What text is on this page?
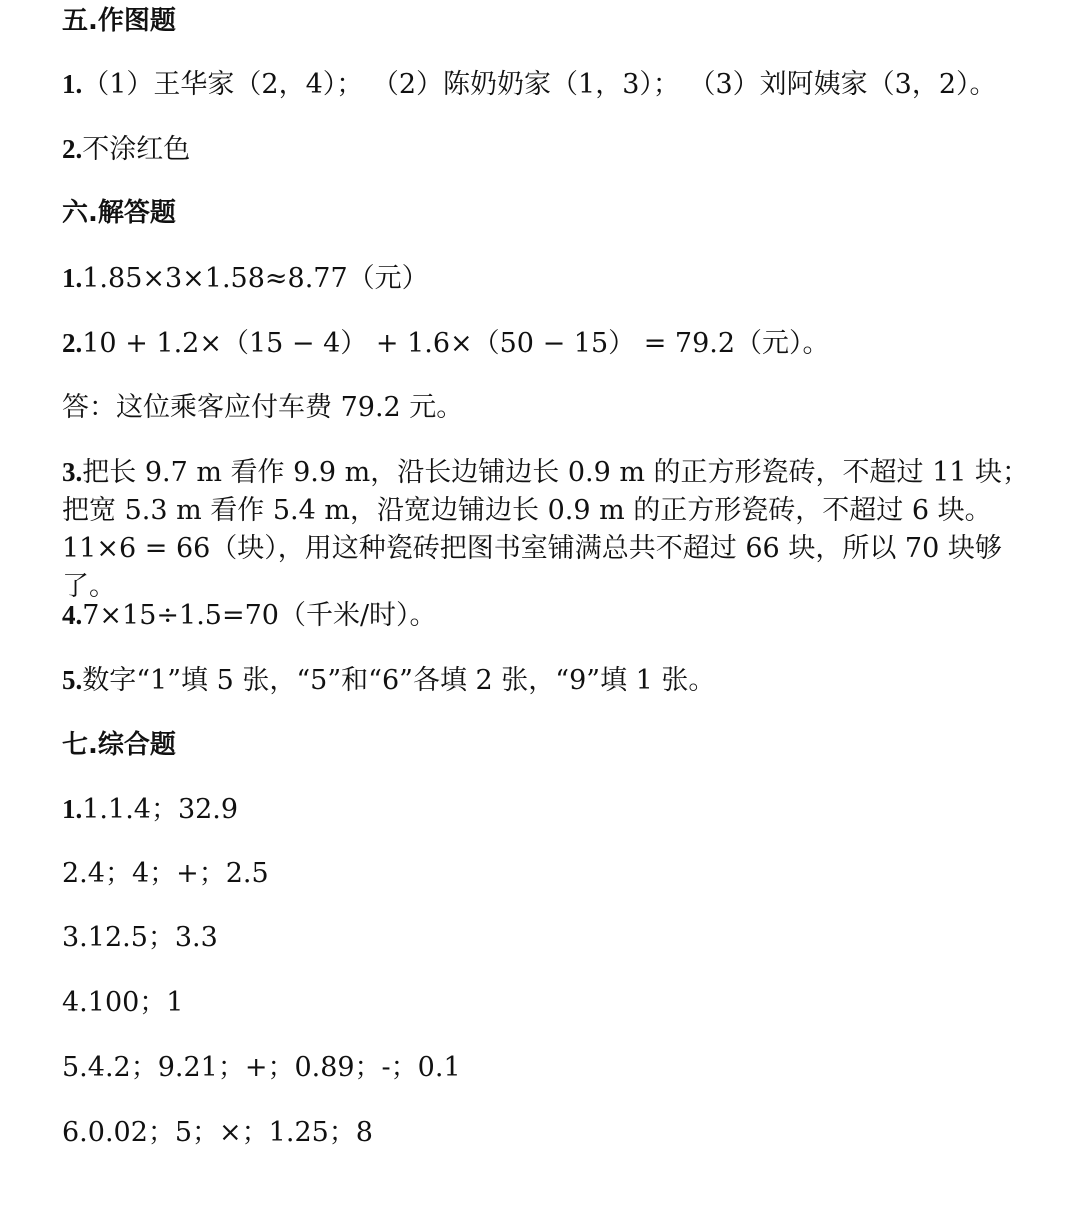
五.作图题
1.（1）王华家（2，4）； （2）陈奶奶家（1，3）； （3）刘阿姨家（3，2）。
2.不涂红色
六.解答题
1.1.85×3×1.58≈8.77（元）
2.10 + 1.2×（15 − 4） + 1.6×（50 − 15） = 79.2（元）。
答：这位乘客应付车费 79.2 元。
3.把长 9.7 m 看作 9.9 m，沿长边铺边长 0.9 m 的正方形瓷砖，不超过 11 块；把宽 5.3 m 看作 5.4 m，沿宽边铺边长 0.9 m 的正方形瓷砖，不超过 6 块。11×6 = 66（块），用这种瓷砖把图书室铺满总共不超过 66 块，所以 70 块够了。
4.7×15÷1.5=70（千米/时）。
5.数字“1”填 5 张，“5”和“6”各填 2 张，“9”填 1 张。
七.综合题
1.1.1.4；32.9
2.4；4；+；2.5
3.12.5；3.3
4.100；1
5.4.2；9.21；+；0.89；-；0.1
6.0.02；5；×；1.25；8
